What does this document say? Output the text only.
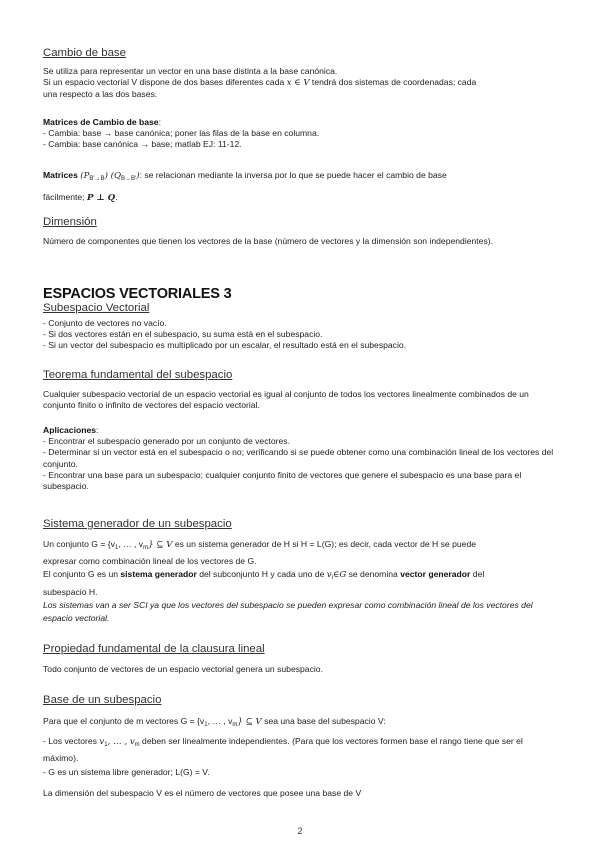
Cambio de base
Se utiliza para representar un vector en una base distinta a la base canónica.
Si un espacio vectorial V dispone de dos bases diferentes cada x ∈ V tendrá dos sistemas de coordenadas; cada
una respecto a las dos bases.
Matrices de Cambio de base:
- Cambia: base → base canónica; poner las filas de la base en columna.
- Cambia: base canónica → base; matlab EJ: 11-12.
Matrices $(P_{B'\to B})$ $(Q_{B\to B'})$: se relacionan mediante la inversa por lo que se puede hacer el cambio de base
fácilmente; P ⊥ Q.
Dimensión
Número de componentes que tienen los vectores de la base (número de vectores y la dimensión son independientes).
ESPACIOS VECTORIALES 3
Subespacio Vectorial
- Conjunto de vectores no vacío.
- Si dos vectores están en el subespacio, su suma está en el subespacio.
- Si un vector del subespacio es multiplicado por un escalar, el resultado está en el subespacio.
Teorema fundamental del subespacio
Cualquier subespacio vectorial de un espacio vectorial es igual al conjunto de todos los vectores linealmente combinados de un conjunto finito o infinito de vectores del espacio vectorial.
Aplicaciones:
- Encontrar el subespacio generado por un conjunto de vectores.
- Determinar si un vector está en el subespacio o no; verificando si se puede obtener como una combinación lineal de los vectores del conjunto.
- Encontrar una base para un subespacio; cualquier conjunto finito de vectores que genere el subespacio es una base para el subespacio.
Sistema generador de un subespacio
Un conjunto $G = \{v_1$, … , $v_m$} ⊆ V es un sistema generador de H si H = L(G); es decir, cada vector de H se puede
expresar como combinación lineal de los vectores de G.
El conjunto G es un sistema generador del subconjunto H y cada uno de $v_i\in G$ se denomina vector generador del
subespacio H.
Los sistemas van a ser SCI ya que los vectores del subespacio se pueden expresar como combinación lineal de los vectores del espacio vectorial.
Propiedad fundamental de la clausura lineal
Todo conjunto de vectores de un espacio vectorial genera un subespacio.
Base de un subespacio
Para que el conjunto de m vectores $G = \{v_1$, … , $v_m$} ⊆ V sea una base del subespacio V:
- Los vectores $v_1$, … , $v_m$ deben ser linealmente independientes. (Para que los vectores formen base el rango tiene que ser el máximo).
- G es un sistema libre generador; L(G) = V.
La dimensión del subespacio V es el número de vectores que posee una base de V
2
